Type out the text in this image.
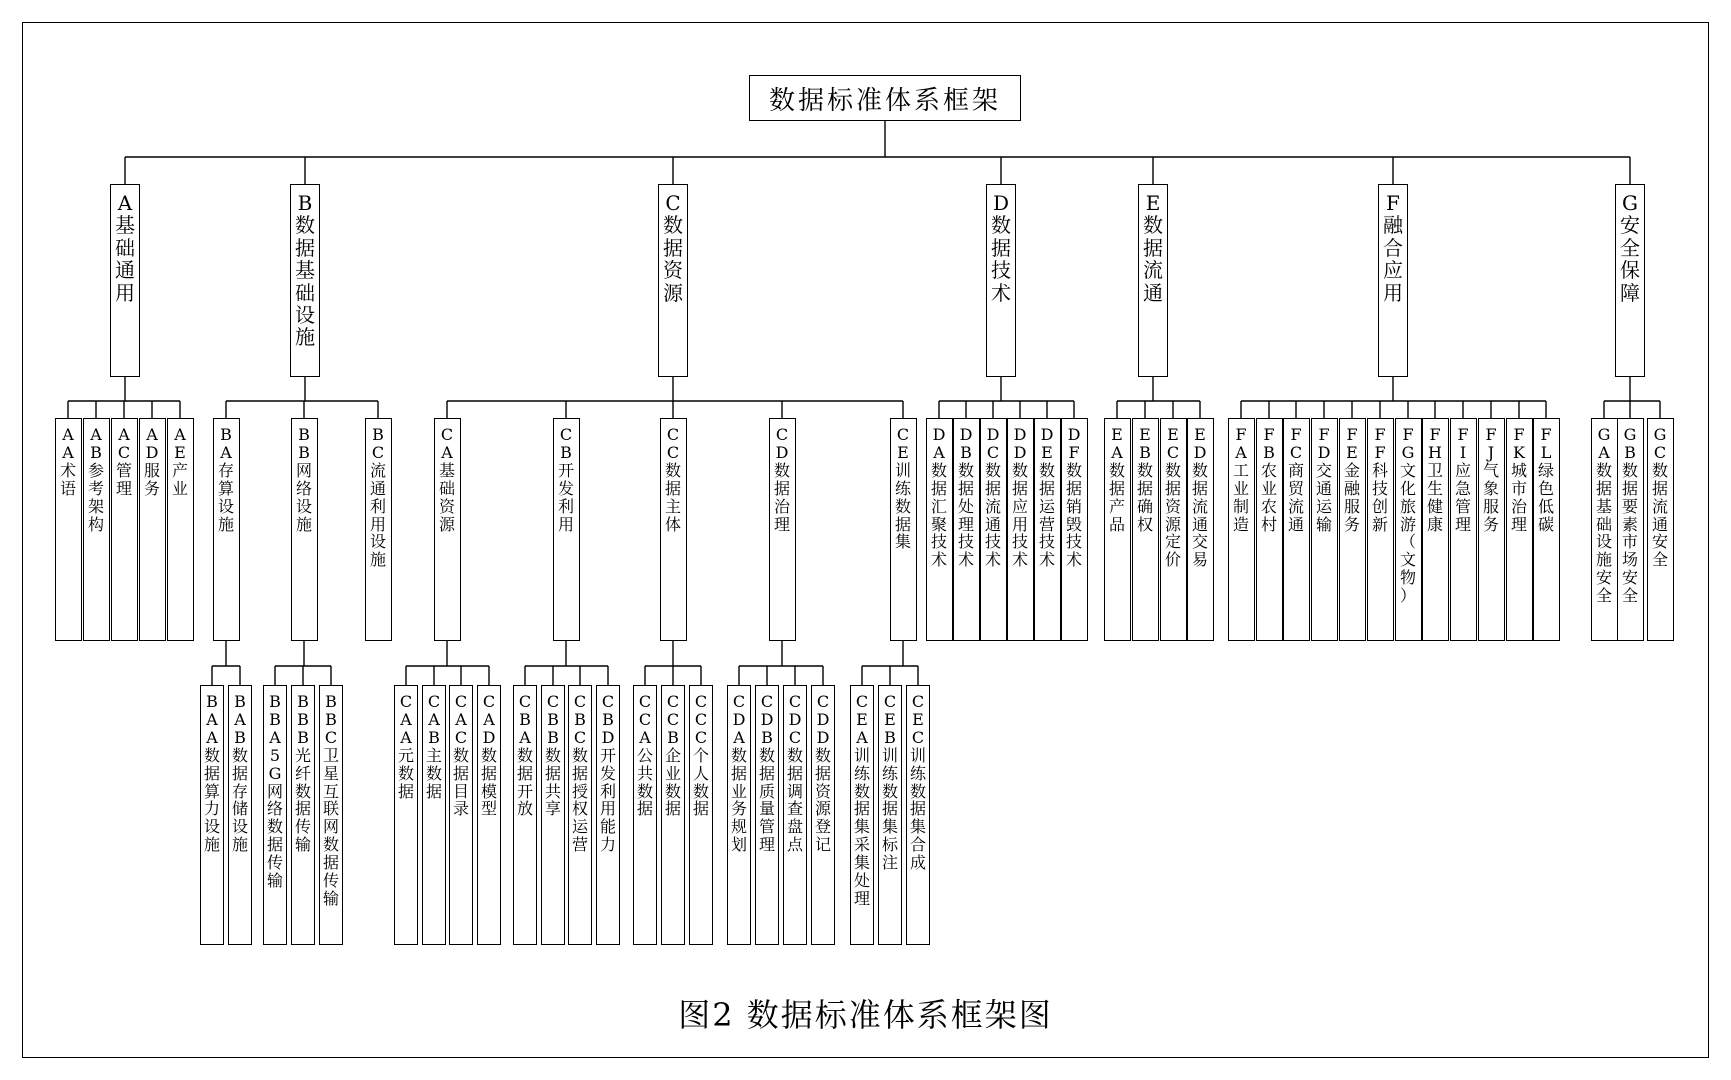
数据标准体系框架
A
基
础
通
用
A
A
术
语
A
B
参
考
架
构
A
C
管
理
A
D
服
务
A
E
产
业
B
数
据
基
础
设
施
B
A
存
算
设
施
B
A
A
数
据
算
力
设
施
B
A
B
数
据
存
储
设
施
B
B
网
络
设
施
B
B
A
5
G
网
络
数
据
传
输
B
B
B
光
纤
数
据
传
输
B
B
C
卫
星
互
联
网
数
据
传
输
B
C
流
通
利
用
设
施
C
数
据
资
源
C
A
基
础
资
源
C
A
A
元
数
据
C
A
B
主
数
据
C
A
C
数
据
目
录
C
A
D
数
据
模
型
C
B
开
发
利
用
C
B
A
数
据
开
放
C
B
B
数
据
共
享
C
B
C
数
据
授
权
运
营
C
B
D
开
发
利
用
能
力
C
C
数
据
主
体
C
C
A
公
共
数
据
C
C
B
企
业
数
据
C
C
C
个
人
数
据
C
D
数
据
治
理
C
D
A
数
据
业
务
规
划
C
D
B
数
据
质
量
管
理
C
D
C
数
据
调
查
盘
点
C
D
D
数
据
资
源
登
记
C
E
训
练
数
据
集
C
E
A
训
练
数
据
集
采
集
处
理
C
E
B
训
练
数
据
集
标
注
C
E
C
训
练
数
据
集
合
成
D
数
据
技
术
D
A
数
据
汇
聚
技
术
D
B
数
据
处
理
技
术
D
C
数
据
流
通
技
术
D
D
数
据
应
用
技
术
D
E
数
据
运
营
技
术
D
F
数
据
销
毁
技
术
E
数
据
流
通
E
A
数
据
产
品
E
B
数
据
确
权
E
C
数
据
资
源
定
价
E
D
数
据
流
通
交
易
F
融
合
应
用
F
A
工
业
制
造
F
B
农
业
农
村
F
C
商
贸
流
通
F
D
交
通
运
输
F
E
金
融
服
务
F
F
科
技
创
新
F
G
文
化
旅
游
（
文
物
）
F
H
卫
生
健
康
F
I
应
急
管
理
F
J
气
象
服
务
F
K
城
市
治
理
F
L
绿
色
低
碳
G
安
全
保
障
G
A
数
据
基
础
设
施
安
全
G
B
数
据
要
素
市
场
安
全
G
C
数
据
流
通
安
全
图2 数据标准体系框架图
